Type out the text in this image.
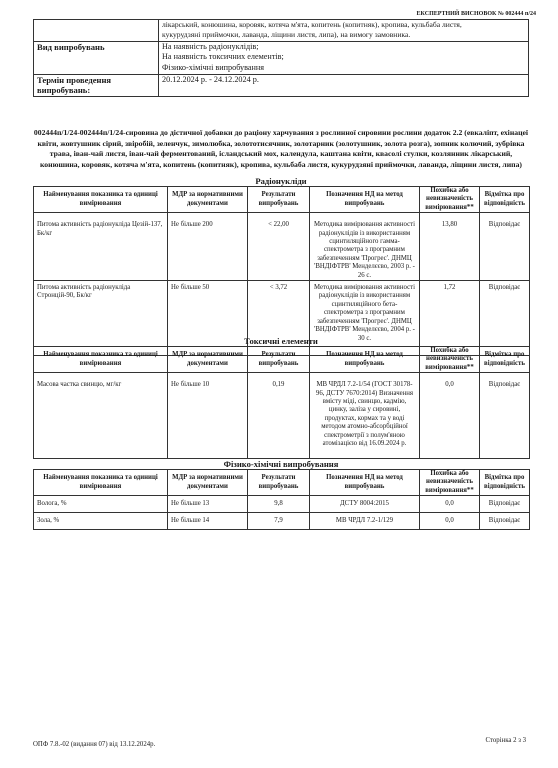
ЕКСПЕРТНИЙ ВИСНОВОК № 002444 п/24

	лікарський, конюшина, коровяк, котяча м'ята, копитень (копитняк), кропива, кульбаба листя,
кукурудзяні приймочки, лаванда, ліщини листя, липа), на вимогу замовника.

Вид випробувань	На наявність радіонуклідів;
На наявність токсичних елементів;
Фізико-хімічні випробування

Термін проведення випробувань:	20.12.2024 р. - 24.12.2024 р.
002444п/1/24-002444п/1/24-сировина до дістичної добавки до раціону харчування з рослинної сировини рослини додаток 2.2 (евкаліпт, ехінацеї квіти, жовтушник сірий, звіробій, зеленчук, зимолюбка, золототисячник, золотарник (золотушник, золота розга), зопник колючий, зубрівка трава, іван-чай листя, іван-чай ферментований, ісландський мох, календула, каштана квіти, квасолі стулки, козлянник лікарський, конюшина, коровяк, котяча м'ята, копитень (копитняк), кропива, кульбаба листя, кукурудзяні приймочки, лаванда, ліщини листя, липа)
Радіонукліди
Найменування показника та одиниці вимірювання	МДР за нормативними документами	Результати випробувань	Позначення НД на метод випробувань	Похибка або невизначеність вимірювання**	Відмітка про відповідність
Питома активність радіонукліда Цезій-137, Бк/кг	Не більше 200	< 22,00	Методика вимірювання активності радіонуклідів із використанням сцинтиляційного гамма-спектрометра з програмним забезпеченням 'Прогрес'. ДНМЦ 'ВНДІФТРВ' Менделєєво, 2003 р. - 26 с.	13,80	Відповідає
Питома активність радіонукліда Стронцій-90, Бк/кг	Не більше 50	< 3,72	Методика вимірювання активності радіонуклідів із використанням сцинтиляційного бета-спектрометра з програмним забезпеченням 'Прогрес'. ДНМЦ 'ВНДІФТРВ' Менделєєво, 2004 р. - 30 с.	1,72	Відповідає
Токсичні елементи
Найменування показника та одиниці вимірювання	МДР за нормативними документами	Результати випробувань	Позначення НД на метод випробувань	Похибка або невизначеність вимірювання**	Відмітка про відповідність
Масова частка свинцю, мг/кг	Не більше 10	0,19	МВ ЧРДЛ 7.2-1/54 (ГОСТ 30178-96, ДСТУ 7670:2014) Визначення вмісту міді, свинцю, кадмію, цинку, заліза у сировині, продуктах, кормах та у воді методом атомно-абсорбційної спектрометрії з полум'яною атомізацією від 16.09.2024 р.	0,0	Відповідає
Фізико-хімічні випробування
Найменування показника та одиниці вимірювання	МДР за нормативними документами	Результати випробувань	Позначення НД на метод випробувань	Похибка або невизначеність вимірювання**	Відмітка про відповідність
Волога, %	Не більше 13	9,8	ДСТУ 8004:2015	0,0	Відповідає
Зола, %	Не більше 14	7,9	МВ ЧРДЛ 7.2-1/129	0,0	Відповідає
ОПФ 7.8.-02 (видання 07) від 13.12.2024р.
Сторінка 2 з 3
